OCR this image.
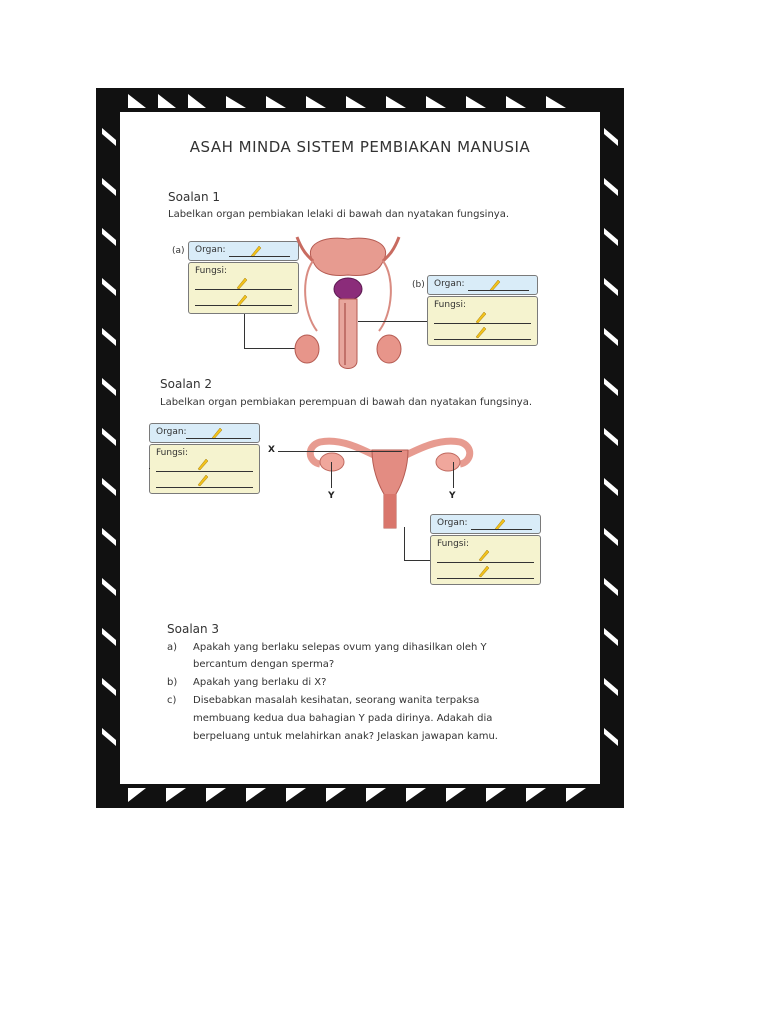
ASAH MINDA SISTEM PEMBIAKAN MANUSIA
Soalan 1
Labelkan organ pembiakan lelaki di bawah dan nyatakan fungsinya.
(a)	Organ:
Fungsi:
(b)	Organ:
Fungsi:
Soalan 2
Labelkan organ pembiakan perempuan di bawah dan nyatakan fungsinya.
Organ:
Fungsi:	X
Y	Y
Organ:
Fungsi:
Soalan 3
a) Apakah yang berlaku selepas ovum yang dihasilkan oleh Y
bercantum dengan sperma?
b) Apakah yang berlaku di X?
c) Disebabkan masalah kesihatan, seorang wanita terpaksa
membuang kedua dua bahagian Y pada dirinya. Adakah dia
berpeluang untuk melahirkan anak? Jelaskan jawapan kamu.
